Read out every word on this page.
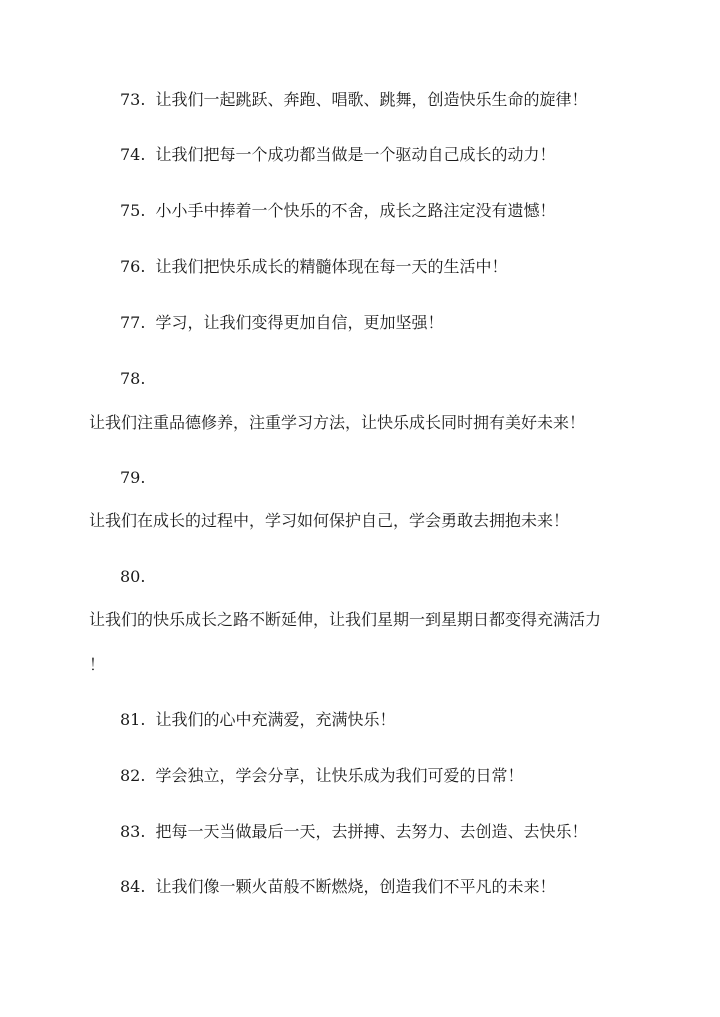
73. 让我们一起跳跃、奔跑、唱歌、跳舞，创造快乐生命的旋律！
74. 让我们把每一个成功都当做是一个驱动自己成长的动力！
75. 小小手中捧着一个快乐的不舍，成长之路注定没有遗憾！
76. 让我们把快乐成长的精髓体现在每一天的生活中！
77. 学习，让我们变得更加自信，更加坚强！
78.
让我们注重品德修养，注重学习方法，让快乐成长同时拥有美好未来！
79.
让我们在成长的过程中，学习如何保护自己，学会勇敢去拥抱未来！
80.
让我们的快乐成长之路不断延伸，让我们星期一到星期日都变得充满活力
！
81. 让我们的心中充满爱，充满快乐！
82. 学会独立，学会分享，让快乐成为我们可爱的日常！
83. 把每一天当做最后一天，去拼搏、去努力、去创造、去快乐！
84. 让我们像一颗火苗般不断燃烧，创造我们不平凡的未来！
